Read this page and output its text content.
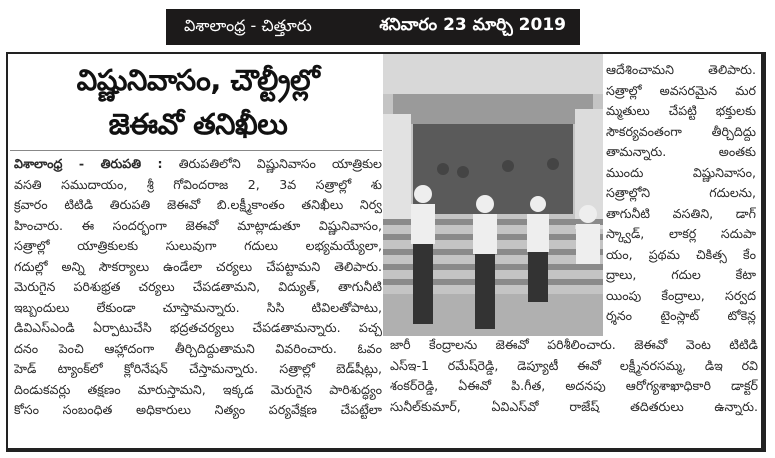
విశాలాంధ్ర - చిత్తూరు	శనివారం 23 మార్చి 2019
విష్ణునివాసం, చౌల్ట్రీల్లో
జెఈవో తనిఖీలు
విశాలాంధ్ర - తిరుపతి : తిరుపతిలోని విష్ణునివాసం యాత్రికుల
వసతి సముదాయం, శ్రీ గోవిందరాజ 2, 3వ సత్రాల్లో శు
క్రవారం టిటిడి తిరుపతి జెఈవో బి.లక్ష్మీకాంతం తనిఖీలు నిర్వ
హించారు. ఈ సందర్భంగా జెఈవో మాట్లాడుతూ విష్ణునివాసం,
సత్రాల్లో యాత్రికులకు సులువుగా గదులు లభ్యమయ్యేలా,
గదుల్లో అన్ని సౌకర్యాలు ఉండేలా చర్యలు చేపట్టామని తెలిపారు.
మెరుగైన పరిశుభ్రత చర్యలు చేపడతామని, విద్యుత్, తాగునీటి
ఇబ్బందులు లేకుండా చూస్తామన్నారు. సిసి టివిలతోపాటు,
డివిఎస్ఎండి ఏర్పాటుచేసి భద్రతచర్యలు చేపడతామన్నారు. పచ్చ
దనం పెంచి ఆహ్లాదంగా తీర్చిదిద్దుతామని వివరించారు. ఓవం
హెడ్ ట్యాంక్‌లో క్లోరినేషన్ చేస్తామన్నారు. సత్రాల్లో బెడ్‌షీట్లు,
దిండుకవర్లు తక్షణం మారుస్తామని, ఇక్కడ మెరుగైన పారిశుద్ధ్యం
కోసం సంబంధిత అధికారులు నిత్యం పర్యవేక్షణ చేపట్టేలా
ఆదేశించామని తెలిపారు.
సత్రాల్లో అవసరమైన మర
మ్మతులు చేపట్టి భక్తులకు
సౌకర్యవంతంగా తీర్చిదిద్దు
తామన్నారు. అంతకు
ముందు విష్ణునివాసం,
సత్రాల్లోని గదులను,
తాగునీటి వసతిని, డాగ్
స్క్వాడ్, లాకర్ల సదుపా
యం, ప్రథమ చికిత్స కేం
ద్రాలు, గదుల కేటా
యింపు కేంద్రాలు, సర్వద
ర్శనం టైంస్లాట్ టోకెన్ల
జారీ కేంద్రాలను జెఈవో పరిశీలించారు. జెఈవో వెంట టిటిడి
ఎస్ఇ-1 రమేష్‌రెడ్డి, డెప్యూటీ ఈవో లక్ష్మీనరసమ్మ, డిఇ రవి
శంకర్‌రెడ్డి, ఏఈవో పి.గీత, అదనపు ఆరోగ్యశాఖాధికారి డాక్టర్
సునీల్‌కుమార్, ఏవిఎస్‌వో రాజేష్ తదితరులు ఉన్నారు.
